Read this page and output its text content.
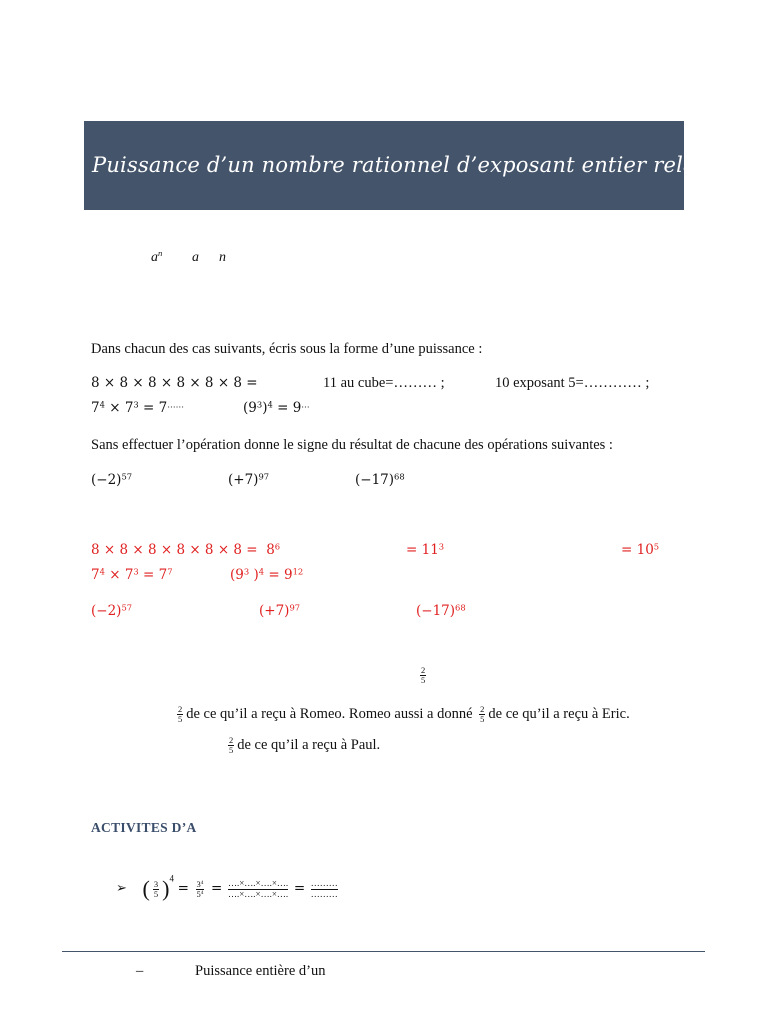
Puissance d’un nombre rationnel d’exposant entier relatif
$a^n$ a n
Dans chacun des cas suivants, écris sous la forme d’une puissance :
8 × 8 × 8 × 8 × 8 × 8 =	11 au cube=……… ;	10 exposant 5=………… ;
$7^4 \times 7^3 = 7^{\dots\dots}$	$(9^3)^4 = 9^\dots$
Sans effectuer l’opération donne le signe du résultat de chacune des opérations suivantes :
$(-2)^{57}$	$(+7)^{97}$	$(-17)^{68}$
$8 \times 8 \times 8 \times 8 \times 8 \times 8 = 8^6$	= $11^3$	= $10^5$
$7^4 \times 7^3 = 7^7$	($9^3$ )$^4 = 9^{12}$
$(-2)^{57}$	$(+7)^{97}$	$(-17)^{68}$
$\frac{2}{5}$
$\frac{2}{5}$ de ce qu’il a reçu à Romeo. Romeo aussi a donné $\frac{2}{5}$ de ce qu’il a reçu à Eric.
$\frac{2}{5}$ de ce qu’il a reçu à Paul.
ACTIVITES D’A
➢ ( $\frac{3}{5} )^4 = \frac{3^4}{5^4} = \frac{\dots.\times\dots.\times\dots.\times\dots.}{\dots.\times\dots.\times\dots.\times\dots.} = \frac{\dots\dots\dots}{\dots\dots\dots}$
–	Puissance entière d’un
